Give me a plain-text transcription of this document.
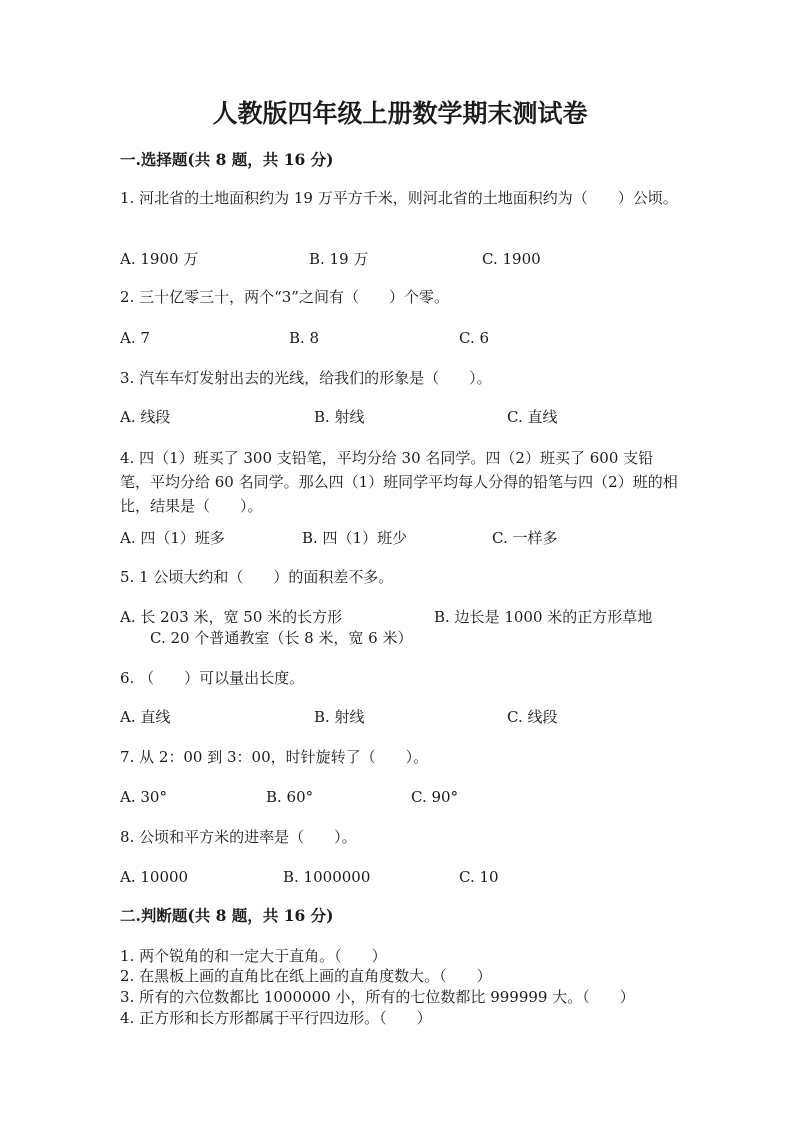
人教版四年级上册数学期末测试卷
一.选择题(共 8 题，共 16 分)
1. 河北省的土地面积约为 19 万平方千米，则河北省的土地面积约为（　　）公顷。
A. 1900 万	B. 19 万	C. 1900
2. 三十亿零三十，两个“3”之间有（　　）个零。
A. 7	B. 8	C. 6
3. 汽车车灯发射出去的光线，给我们的形象是（　　）。
A. 线段	B. 射线	C. 直线
4. 四（1）班买了 300 支铅笔，平均分给 30 名同学。四（2）班买了 600 支铅笔，平均分给 60 名同学。那么四（1）班同学平均每人分得的铅笔与四（2）班的相比，结果是（　　）。
A. 四（1）班多	B. 四（1）班少	C. 一样多
5. 1 公顷大约和（　　）的面积差不多。
A. 长 203 米，宽 50 米的长方形	B. 边长是 1000 米的正方形草地
C. 20 个普通教室（长 8 米，宽 6 米）
6. （　　）可以量出长度。
A. 直线	B. 射线	C. 线段
7. 从 2：00 到 3：00，时针旋转了（　　）。
A. 30°	B. 60°	C. 90°
8. 公顷和平方米的进率是（　　）。
A. 10000	B. 1000000	C. 10
二.判断题(共 8 题，共 16 分)
1. 两个锐角的和一定大于直角。（　　）
2. 在黑板上画的直角比在纸上画的直角度数大。（　　）
3. 所有的六位数都比 1000000 小，所有的七位数都比 999999 大。（　　）
4. 正方形和长方形都属于平行四边形。（　　）
